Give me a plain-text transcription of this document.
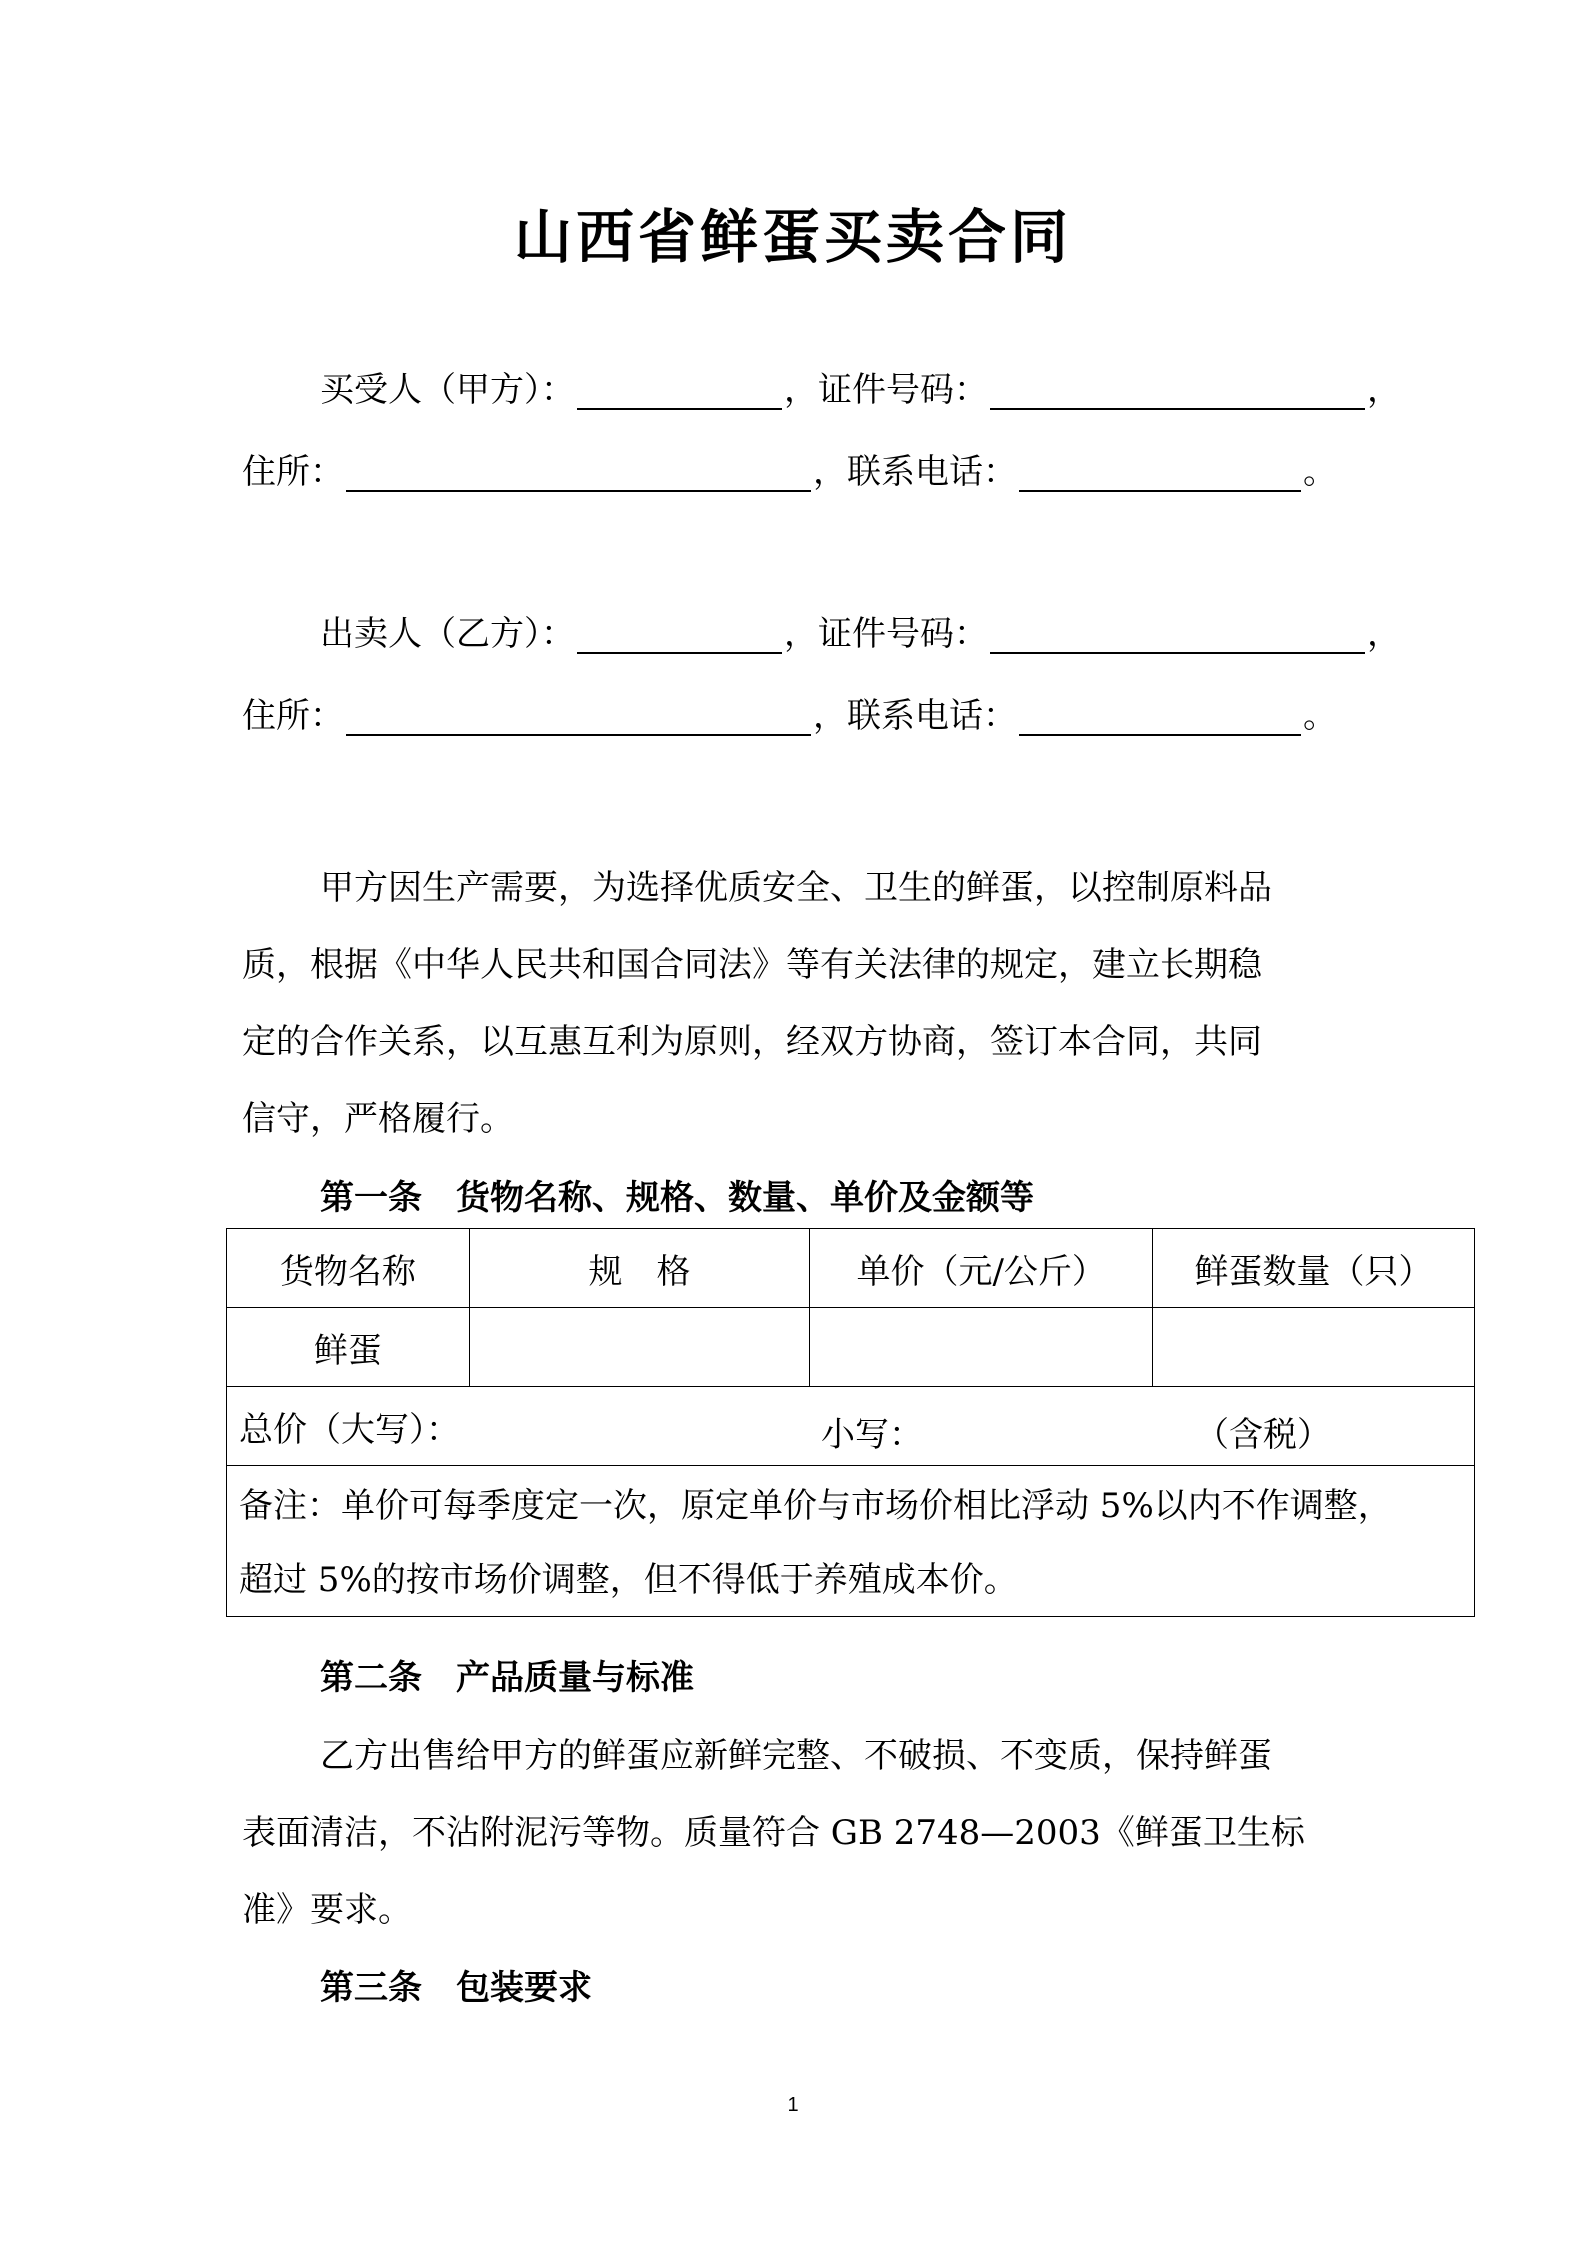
山西省鲜蛋买卖合同
买受人（甲方）：	，证件号码：	，
住所：	，联系电话：	。
出卖人（乙方）：	，证件号码：	，
住所：	，联系电话：	。
甲方因生产需要，为选择优质安全、卫生的鲜蛋，以控制原料品
质，根据《中华人民共和国合同法》等有关法律的规定，建立长期稳
定的合作关系，以互惠互利为原则，经双方协商，签订本合同，共同
信守，严格履行。
第一条　货物名称、规格、数量、单价及金额等
货物名称	规　格	单价（元/公斤）	鲜蛋数量（只）
鲜蛋			
总价（大写）： 小写： （含税）			

备注：单价可每季度定一次，原定单价与市场价相比浮动 5%以内不作调整，
超过 5%的按市场价调整，但不得低于养殖成本价。			
第二条　产品质量与标准
乙方出售给甲方的鲜蛋应新鲜完整、不破损、不变质，保持鲜蛋
表面清洁，不沾附泥污等物。质量符合 GB 2748—2003《鲜蛋卫生标
准》要求。
第三条　包装要求
1
